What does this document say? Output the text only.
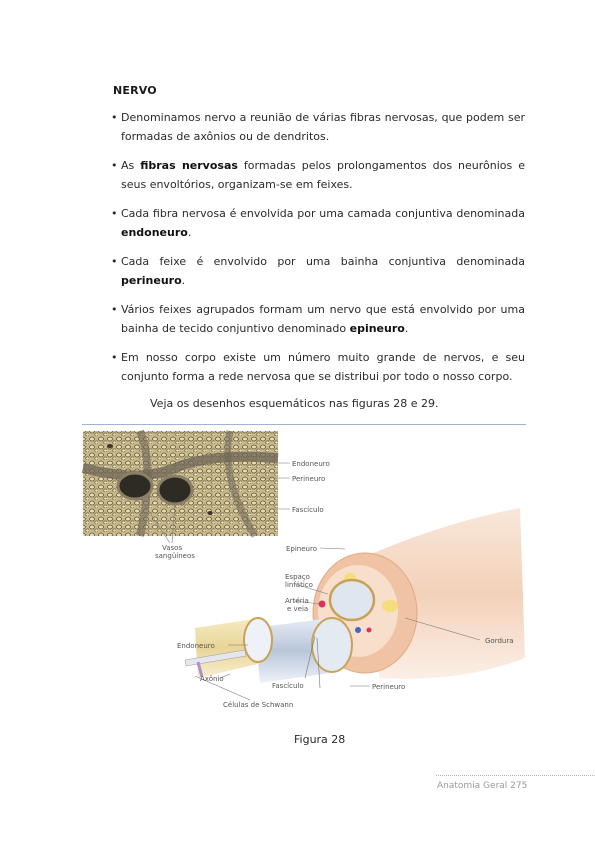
NERVO
• Denominamos nervo a reunião de várias fibras nervosas, que podem ser formadas de axônios ou de dendritos.
• As fibras nervosas formadas pelos prolongamentos dos neurônios e seus envoltórios, organizam-se em feixes.
• Cada fibra nervosa é envolvida por uma camada conjuntiva denominada endoneuro.
• Cada feixe é envolvido por uma bainha conjuntiva denominada perineuro.
• Vários feixes agrupados formam um nervo que está envolvido por uma bainha de tecido conjuntivo denominado epineuro.
• Em nosso corpo existe um número muito grande de nervos, e seu conjunto forma a rede nervosa que se distribui por todo o nosso corpo.
Veja os desenhos esquemáticos nas figuras 28 e 29.
Endoneuro
Perineuro
Fascículo
Vasos
sangüíneos
Epineuro
Espaço
linfático
Artéria
e veia
Gordura
Endoneuro
Axônio
Fascículo	Perineuro
Células de Schwann
Figura 28
Anatomia Geral 275
